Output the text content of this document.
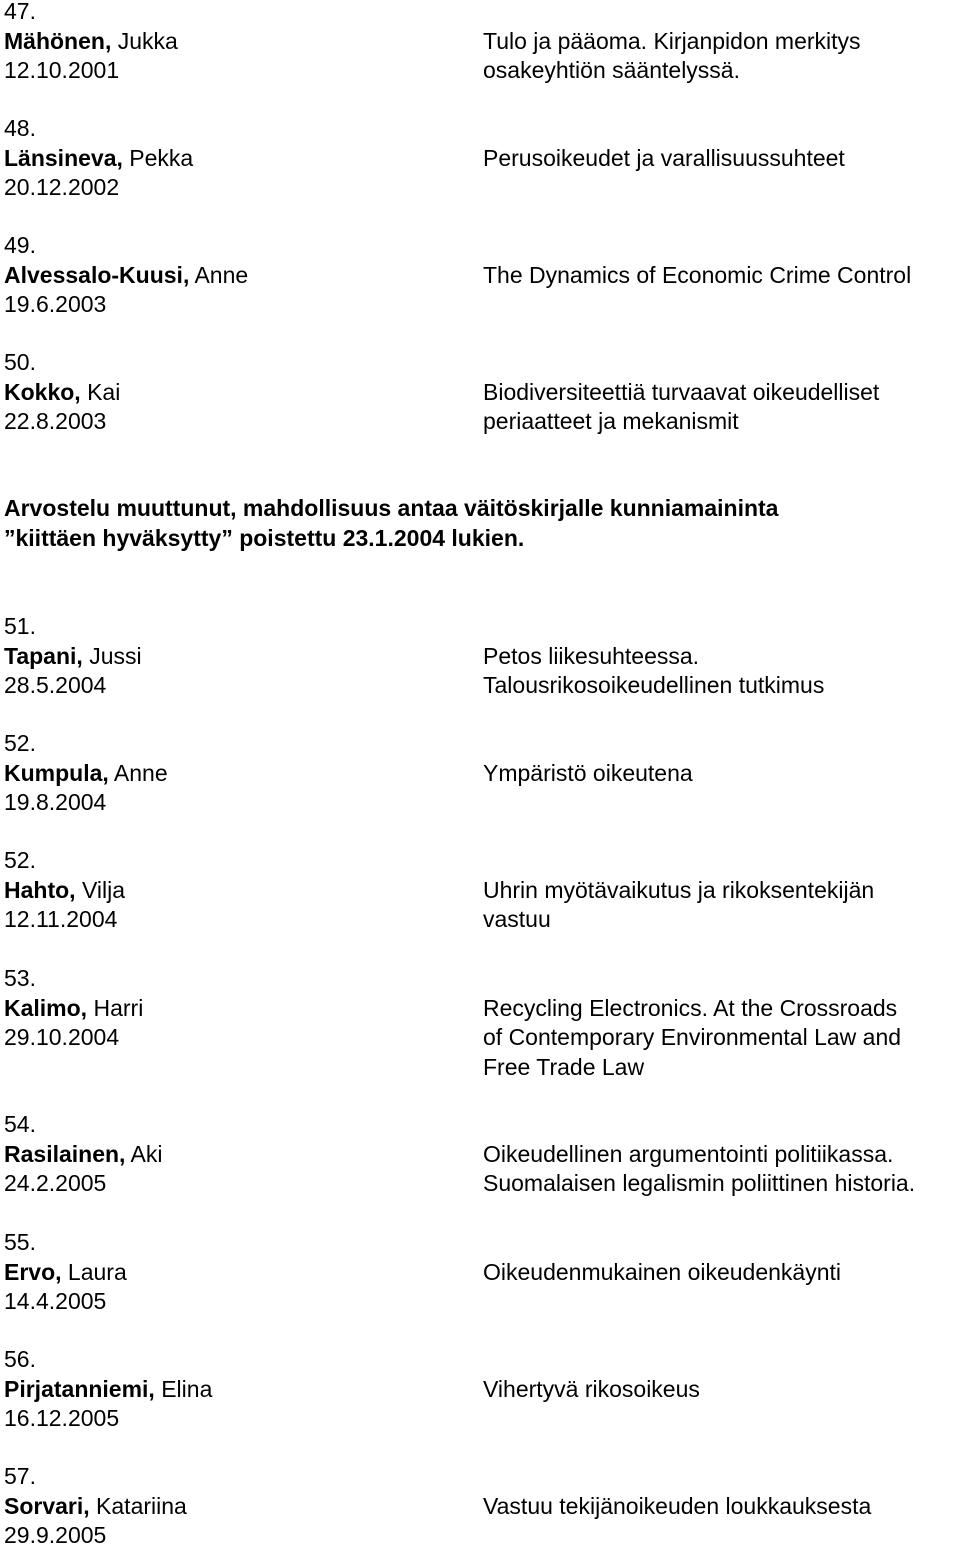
47.
Mähönen, Jukka
12.10.2001
Tulo ja pääoma. Kirjanpidon merkitys
osakeyhtiön sääntelyssä.
48.
Länsineva, Pekka
20.12.2002
Perusoikeudet ja varallisuussuhteet
49.
Alvessalo-Kuusi, Anne
19.6.2003
The Dynamics of Economic Crime Control
50.
Kokko, Kai
22.8.2003
Biodiversiteettiä turvaavat oikeudelliset
periaatteet ja mekanismit
Arvostelu muuttunut, mahdollisuus antaa väitöskirjalle kunniamaininta
”kiittäen hyväksytty” poistettu 23.1.2004 lukien.
51.
Tapani, Jussi
28.5.2004
Petos liikesuhteessa.
Talousrikosoikeudellinen tutkimus
52.
Kumpula, Anne
19.8.2004
Ympäristö oikeutena
52.
Hahto, Vilja
12.11.2004
Uhrin myötävaikutus ja rikoksentekijän
vastuu
53.
Kalimo, Harri
29.10.2004
Recycling Electronics. At the Crossroads
of Contemporary Environmental Law and
Free Trade Law
54.
Rasilainen, Aki
24.2.2005
Oikeudellinen argumentointi politiikassa.
Suomalaisen legalismin poliittinen historia.
55.
Ervo, Laura
14.4.2005
Oikeudenmukainen oikeudenkäynti
56.
Pirjatanniemi, Elina
16.12.2005
Vihertyvä rikosoikeus
57.
Sorvari, Katariina
29.9.2005
Vastuu tekijänoikeuden loukkauksesta
